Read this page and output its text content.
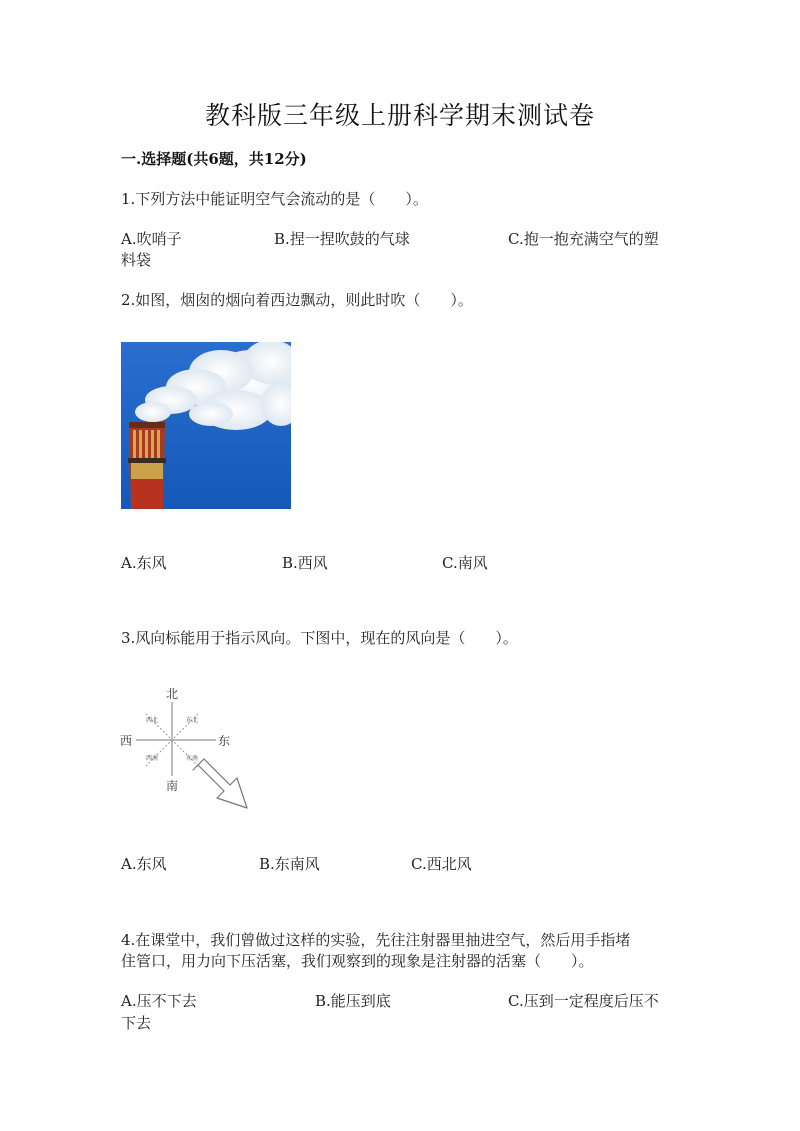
教科版三年级上册科学期末测试卷
一.选择题(共6题，共12分)
1.下列方法中能证明空气会流动的是（　　）。
A.吹哨子	B.捏一捏吹鼓的气球	C.抱一抱充满空气的塑
料袋
2.如图，烟囱的烟向着西边飘动，则此时吹（　　）。
A.东风	B.西风	C.南风
3.风向标能用于指示风向。下图中，现在的风向是（　　）。
北
南
西	东
西北	东北
西南	东南
A.东风	B.东南风	C.西北风
4.在课堂中，我们曾做过这样的实验，先往注射器里抽进空气，然后用手指堵
住管口，用力向下压活塞，我们观察到的现象是注射器的活塞（　　）。
A.压不下去	B.能压到底	C.压到一定程度后压不
下去
